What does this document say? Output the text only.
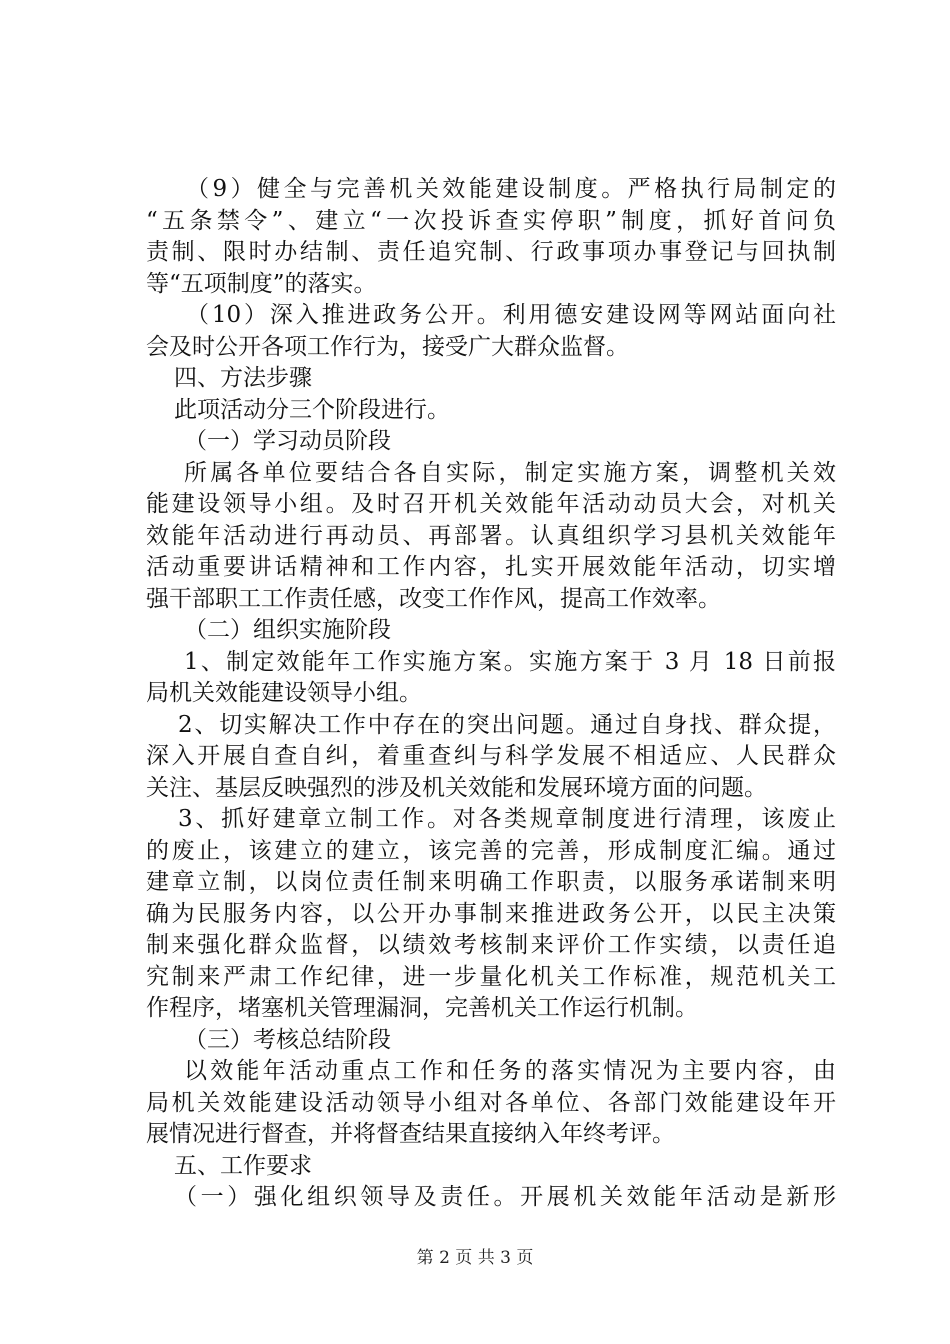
（9）健全与完善机关效能建设制度。严格执行局制定的
“五条禁令”、建立“一次投诉查实停职”制度，抓好首问负
责制、限时办结制、责任追究制、行政事项办事登记与回执制
等“五项制度”的落实。
（10）深入推进政务公开。利用德安建设网等网站面向社
会及时公开各项工作行为，接受广大群众监督。
四、方法步骤
此项活动分三个阶段进行。
（一）学习动员阶段
所属各单位要结合各自实际，制定实施方案，调整机关效
能建设领导小组。及时召开机关效能年活动动员大会，对机关
效能年活动进行再动员、再部署。认真组织学习县机关效能年
活动重要讲话精神和工作内容，扎实开展效能年活动，切实增
强干部职工工作责任感，改变工作作风，提高工作效率。
（二）组织实施阶段
1、制定效能年工作实施方案。实施方案于 3 月 18 日前报
局机关效能建设领导小组。
2、切实解决工作中存在的突出问题。通过自身找、群众提，
深入开展自查自纠，着重查纠与科学发展不相适应、人民群众
关注、基层反映强烈的涉及机关效能和发展环境方面的问题。
3、抓好建章立制工作。对各类规章制度进行清理，该废止
的废止，该建立的建立，该完善的完善，形成制度汇编。通过
建章立制，以岗位责任制来明确工作职责，以服务承诺制来明
确为民服务内容，以公开办事制来推进政务公开，以民主决策
制来强化群众监督，以绩效考核制来评价工作实绩，以责任追
究制来严肃工作纪律，进一步量化机关工作标准，规范机关工
作程序，堵塞机关管理漏洞，完善机关工作运行机制。
（三）考核总结阶段
以效能年活动重点工作和任务的落实情况为主要内容，由
局机关效能建设活动领导小组对各单位、各部门效能建设年开
展情况进行督查，并将督查结果直接纳入年终考评。
五、工作要求
（一）强化组织领导及责任。开展机关效能年活动是新形
第 2 页 共 3 页
